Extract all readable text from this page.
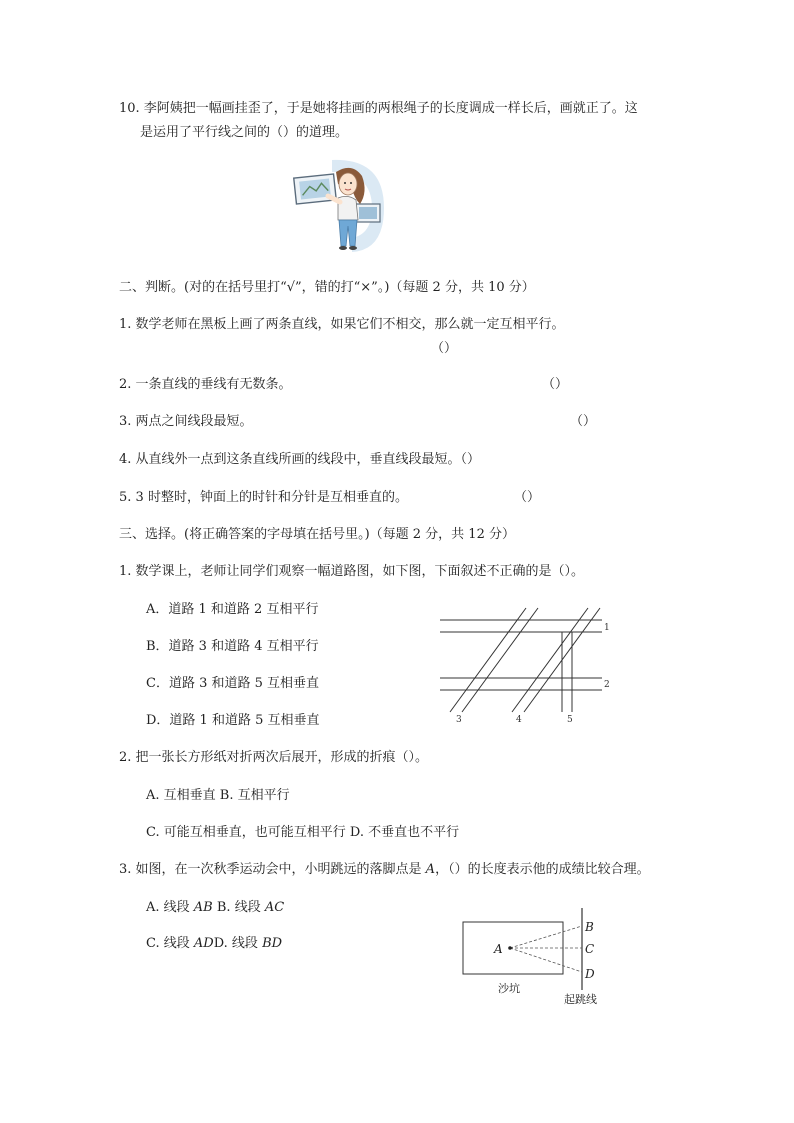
10. 李阿姨把一幅画挂歪了，于是她将挂画的两根绳子的长度调成一样长后，画就正了。这
是运用了平行线之间的（）的道理。
二、判断。(对的在括号里打“√”，错的打“×”。)（每题 2 分，共 10 分）
1. 数学老师在黑板上画了两条直线，如果它们不相交，那么就一定互相平行。
（）
2. 一条直线的垂线有无数条。	（）
3. 两点之间线段最短。	（）
4. 从直线外一点到这条直线所画的线段中，垂直线段最短。（）
5. 3 时整时，钟面上的时针和分针是互相垂直的。	（）
三、选择。(将正确答案的字母填在括号里。)（每题 2 分，共 12 分）
1. 数学课上，老师让同学们观察一幅道路图，如下图，下面叙述不正确的是（）。
A．道路 1 和道路 2 互相平行
B．道路 3 和道路 4 互相平行
C．道路 3 和道路 5 互相垂直
D．道路 1 和道路 5 互相垂直
1
2
3	4	5
2. 把一张长方形纸对折两次后展开，形成的折痕（）。
A. 互相垂直 B. 互相平行
C. 可能互相垂直，也可能互相平行 D. 不垂直也不平行
3. 如图，在一次秋季运动会中，小明跳远的落脚点是 A，（）的长度表示他的成绩比较合理。
A. 线段 AB B. 线段 AC
C. 线段 ADD. 线段 BD	A
B
C
D
沙坑
起跳线
